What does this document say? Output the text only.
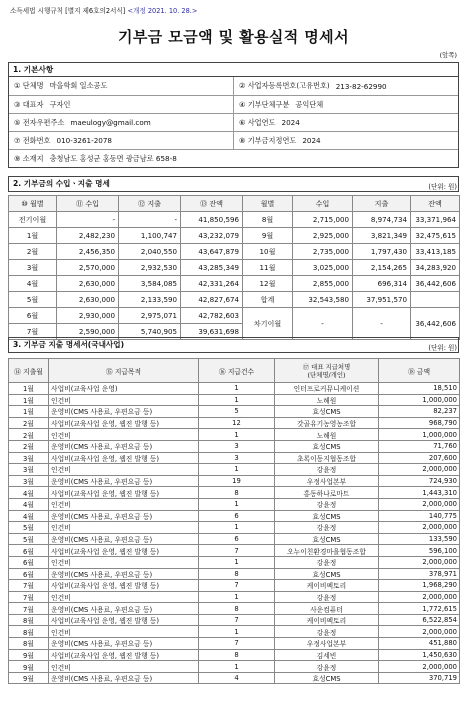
소득세법 시행규칙 [별지 제6호의2서식] <개정 2021. 10. 28.>
기부금 모금액 및 활용실적 명세서
(앞쪽)
1. 기본사항
① 단체명 마을학회 일소공도	② 사업자등록번호(고유번호) 213-82-62990
③ 대표자 구자인	④ 기부단체구분 공익단체
⑤ 전자우편주소 maeulogy@gmail.com	⑥ 사업연도 2024
⑦ 전화번호 010-3261-2078	⑧ 기부금지정연도 2024
⑨ 소재지 충청남도 홍성군 홍동면 광금남로 658-8
2. 기부금의 수입ㆍ지출 명세	(단위: 원)
⑩ 월별	⑪ 수입	⑫ 지출	⑬ 잔액	월별	수입	지출	잔액
전기이월	-	-	41,850,596	8월	2,715,000	8,974,734	33,371,964
1월	2,482,230	1,100,747	43,232,079	9월	2,925,000	3,821,349	32,475,615
2월	2,456,350	2,040,550	43,647,879	10월	2,735,000	1,797,430	33,413,185
3월	2,570,000	2,932,530	43,285,349	11월	3,025,000	2,154,265	34,283,920
4월	2,630,000	3,584,085	42,331,264	12월	2,855,000	696,314	36,442,606
5월	2,630,000	2,133,590	42,827,674	합계	32,543,580	37,951,570	
6월	2,930,000	2,975,071	42,782,603	차기이월	-	-	36,442,606
7월	2,590,000	5,740,905	39,631,698				
3. 기부금 지출 명세서(국내사업)	(단위: 원)
⑭ 지출월	⑮ 지급목적	⑯ 지급건수	⑰ 대표 지급처명
(단체명/개인)	⑱ 금액
1월	사업비(교육사업 운영)	1	인터프로커뮤니케이션	18,510
1월	인건비	1	노해원	1,000,000
1월	운영비(CMS 사용료, 우편요금 등)	5	효성CMS	82,237
2월	사업비(교육사업 운영, 웹진 발행 등)	12	갓골유기농영농조합	968,790
2월	인건비	1	노해원	1,000,000
2월	운영비(CMS 사용료, 우편요금 등)	3	효성CMS	71,760
3월	사업비(교육사업 운영, 웹진 발행 등)	3	초록이동지협동조합	207,600
3월	인건비	1	강윤정	2,000,000
3월	운영비(CMS 사용료, 우편요금 등)	19	우정사업본부	724,930
4월	사업비(교육사업 운영, 웹진 발행 등)	8	홍동하나로마트	1,443,310
4월	인건비	1	강윤정	2,000,000
4월	운영비(CMS 사용료, 우편요금 등)	6	효성CMS	140,775
5월	인건비	1	강윤정	2,000,000
5월	운영비(CMS 사용료, 우편요금 등)	6	효성CMS	133,590
6월	사업비(교육사업 운영, 웹진 발행 등)	7	오누이친환경마을협동조합	596,100
6월	인건비	1	강윤정	2,000,000
6월	운영비(CMS 사용료, 우편요금 등)	8	효성CMS	378,971
7월	사업비(교육사업 운영, 웹진 발행 등)	7	케이비펙토리	1,968,290
7월	인건비	1	강윤정	2,000,000
7월	운영비(CMS 사용료, 우편요금 등)	8	사운컴퓨터	1,772,615
8월	사업비(교육사업 운영, 웹진 발행 등)	7	케이비펙토리	6,522,854
8월	인건비	1	강윤정	2,000,000
8월	운영비(CMS 사용료, 우편요금 등)	7	우정사업본부	451,880
9월	사업비(교육사업 운영, 웹진 발행 등)	8	김세빈	1,450,630
9월	인건비	1	강윤정	2,000,000
9월	운영비(CMS 사용료, 우편요금 등)	4	효성CMS	370,719
